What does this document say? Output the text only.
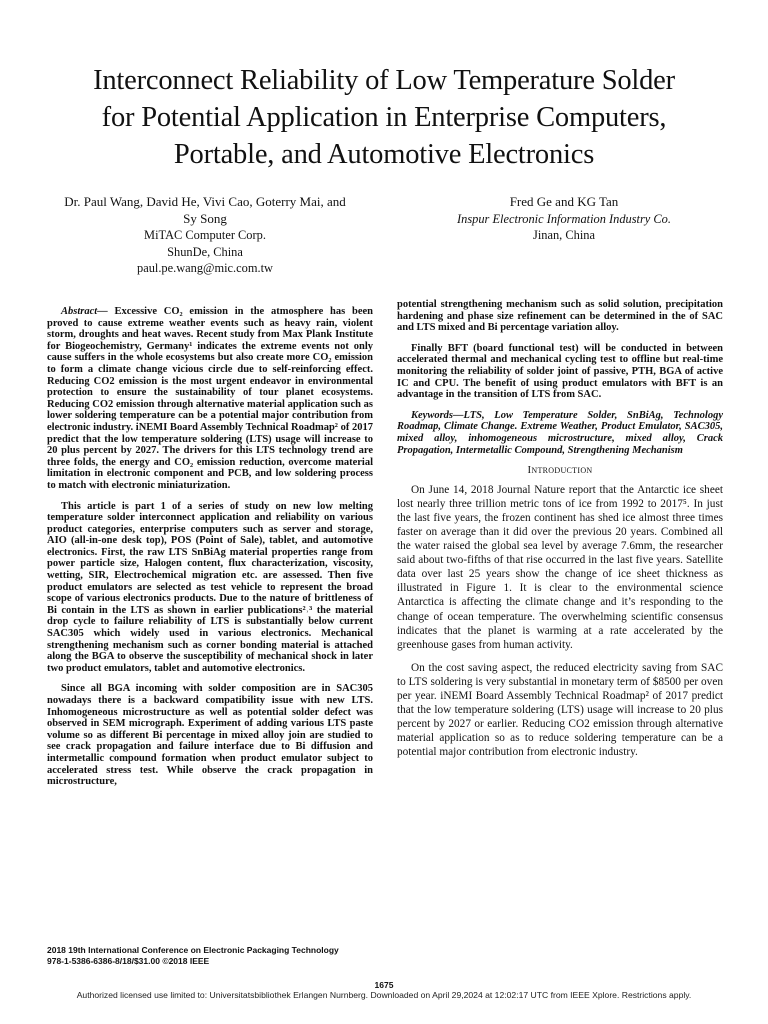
Interconnect Reliability of Low Temperature Solder
for Potential Application in Enterprise Computers,
Portable, and Automotive Electronics
Dr. Paul Wang, David He, Vivi Cao, Goterry Mai, and
Sy Song
MiTAC Computer Corp.
ShunDe, China
paul.pe.wang@mic.com.tw
Fred Ge and KG Tan
Inspur Electronic Information Industry Co.
Jinan, China

Abstract— Excessive CO₂ emission in the atmosphere has been proved to cause extreme weather events such as heavy rain, violent storm, droughts and heat waves. Recent study from Max Plank Institute for Biogeochemistry, Germany¹ indicates the extreme events not only cause suffers in the whole ecosystems but also create more CO₂ emission to form a climate change vicious circle due to self-reinforcing effect. Reducing CO2 emission is the most urgent endeavor in environmental protection to ensure the sustainability of tour planet ecosystems. Reducing CO2 emission through alternative material application such as lower soldering temperature can be a potential major contribution from electronic industry. iNEMI Board Assembly Technical Roadmap² of 2017 predict that the low temperature soldering (LTS) usage will increase to 20 plus percent by 2027. The drivers for this LTS technology trend are three folds, the energy and CO₂ emission reduction, overcome material limitation in electronic component and PCB, and low soldering process to match with electronic miniaturization.

This article is part 1 of a series of study on new low melting temperature solder interconnect application and reliability on various product categories, enterprise computers such as server and storage, AIO (all-in-one desk top), POS (Point of Sale), tablet, and automotive electronics. First, the raw LTS SnBiAg material properties range from power particle size, Halogen content, flux characterization, viscosity, wetting, SIR, Electrochemical migration etc. are assessed. Then five product emulators are selected as test vehicle to represent the broad scope of various electronics products. Due to the nature of brittleness of Bi contain in the LTS as shown in earlier publications²˒³ the material drop cycle to failure reliability of LTS is substantially below current SAC305 which widely used in various electronics. Mechanical strengthening mechanism such as corner bonding material is attached along the BGA to observe the susceptibility of mechanical shock in later two product emulators, tablet and automotive electronics.

Since all BGA incoming with solder composition are in SAC305 nowadays there is a backward compatibility issue with new LTS. Inhomogeneous microstructure as well as potential solder defect was observed in SEM micrograph. Experiment of adding various LTS paste volume so as different Bi percentage in mixed alloy join are studied to see crack propagation and failure interface due to Bi diffusion and intermetallic compound formation when product emulator subject to accelerated stress test. While observe the crack propagation in microstructure,

potential strengthening mechanism such as solid solution, precipitation hardening and phase size refinement can be determined in the of SAC and LTS mixed and Bi percentage variation alloy.

Finally BFT (board functional test) will be conducted in between accelerated thermal and mechanical cycling test to offline but real-time monitoring the reliability of solder joint of passive, PTH, BGA of active IC and CPU. The benefit of using product emulators with BFT is an advantage in the transition of LTS from SAC.

Keywords—LTS, Low Temperature Solder, SnBiAg, Technology Roadmap, Climate Change. Extreme Weather, Product Emulator, SAC305, mixed alloy, inhomogeneous microstructure, mixed alloy, Crack Propagation, Intermetallic Compound, Strengthening Mechanism

Introduction

On June 14, 2018 Journal Nature report that the Antarctic ice sheet lost nearly three trillion metric tons of ice from 1992 to 2017⁵. In just the last five years, the frozen continent has shed ice almost three times faster on average than it did over the previous 20 years. Combined all the water raised the global sea level by average 7.6mm, the researcher said about two-fifths of that rise occurred in the last five years. Satellite data over last 25 years show the change of ice sheet thickness as illustrated in Figure 1. It is clear to the environmental science Antarctica is affecting the climate change and it’s responding to the change of ocean temperature. The overwhelming scientific consensus indicates that the planet is warming at a rate accelerated by the greenhouse gases from human activity.

On the cost saving aspect, the reduced electricity saving from SAC to LTS soldering is very substantial in monetary term of $8500 per oven per year. iNEMI Board Assembly Technical Roadmap² of 2017 predict that the low temperature soldering (LTS) usage will increase to 20 plus percent by 2027 or earlier. Reducing CO2 emission through alternative material application so as to reduce soldering temperature can be a potential major contribution from electronic industry.

2018 19th International Conference on Electronic Packaging Technology
978-1-5386-6386-8/18/$31.00 ©2018 IEEE
1675
Authorized licensed use limited to: Universitatsbibliothek Erlangen Nurnberg. Downloaded on April 29,2024 at 12:02:17 UTC from IEEE Xplore. Restrictions apply.
